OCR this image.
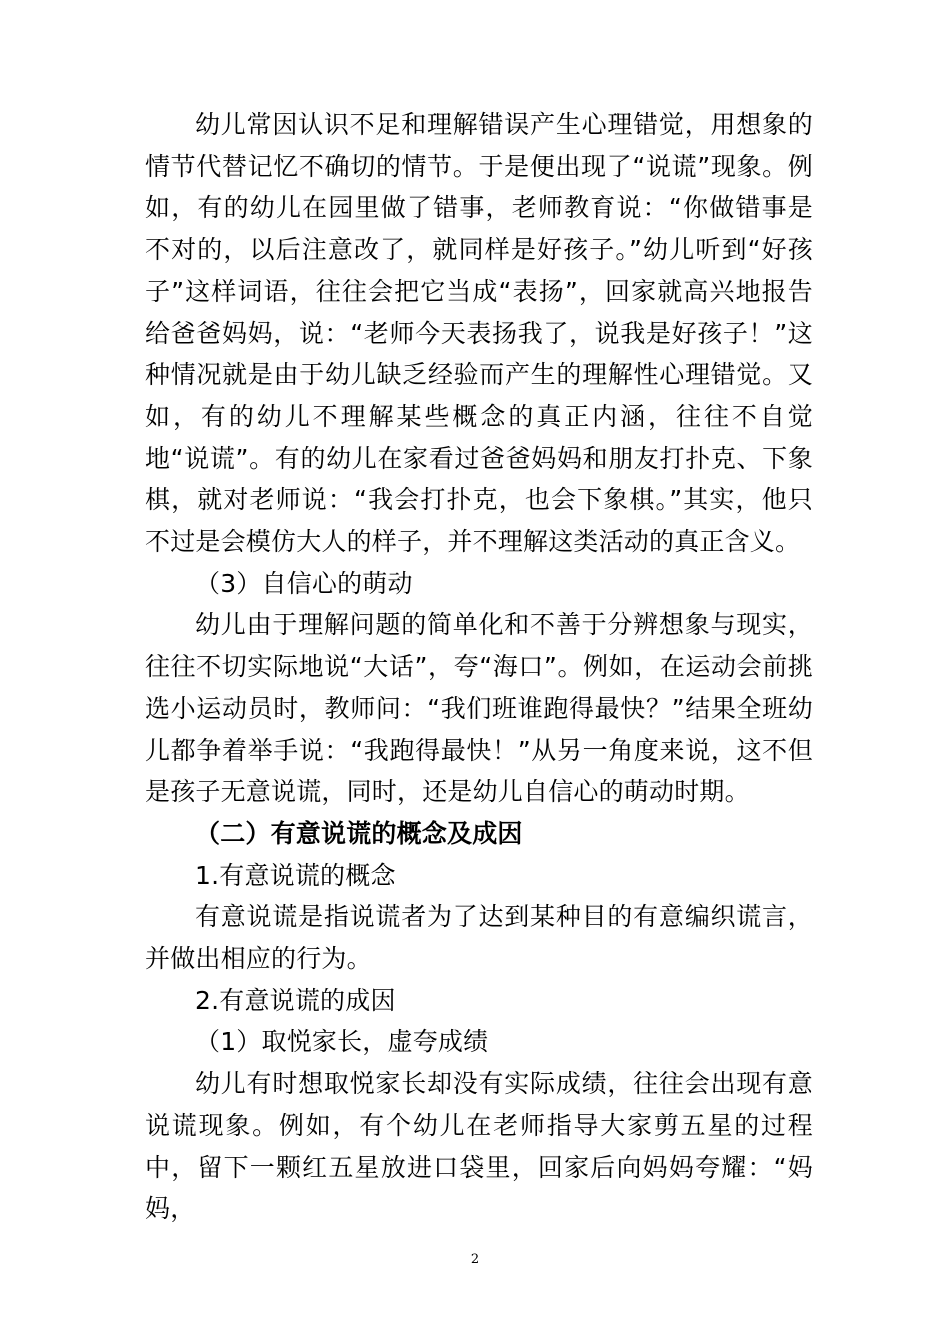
幼儿常因认识不足和理解错误产生心理错觉，用想象的情节代替记忆不确切的情节。于是便出现了“说谎”现象。例如，有的幼儿在园里做了错事，老师教育说：“你做错事是不对的，以后注意改了，就同样是好孩子。”幼儿听到“好孩子”这样词语，往往会把它当成“表扬”，回家就高兴地报告给爸爸妈妈，说：“老师今天表扬我了，说我是好孩子！”这种情况就是由于幼儿缺乏经验而产生的理解性心理错觉。又如，有的幼儿不理解某些概念的真正内涵，往往不自觉地“说谎”。有的幼儿在家看过爸爸妈妈和朋友打扑克、下象棋，就对老师说：“我会打扑克，也会下象棋。”其实，他只不过是会模仿大人的样子，并不理解这类活动的真正含义。

（3）自信心的萌动

幼儿由于理解问题的简单化和不善于分辨想象与现实，往往不切实际地说“大话”，夸“海口”。例如，在运动会前挑选小运动员时，教师问：“我们班谁跑得最快？”结果全班幼儿都争着举手说：“我跑得最快！”从另一角度来说，这不但是孩子无意说谎，同时，还是幼儿自信心的萌动时期。

（二）有意说谎的概念及成因

1.有意说谎的概念

有意说谎是指说谎者为了达到某种目的有意编织谎言，并做出相应的行为。

2.有意说谎的成因

（1）取悦家长，虚夸成绩

幼儿有时想取悦家长却没有实际成绩，往往会出现有意说谎现象。例如，有个幼儿在老师指导大家剪五星的过程中，留下一颗红五星放进口袋里，回家后向妈妈夸耀：“妈妈，

2
